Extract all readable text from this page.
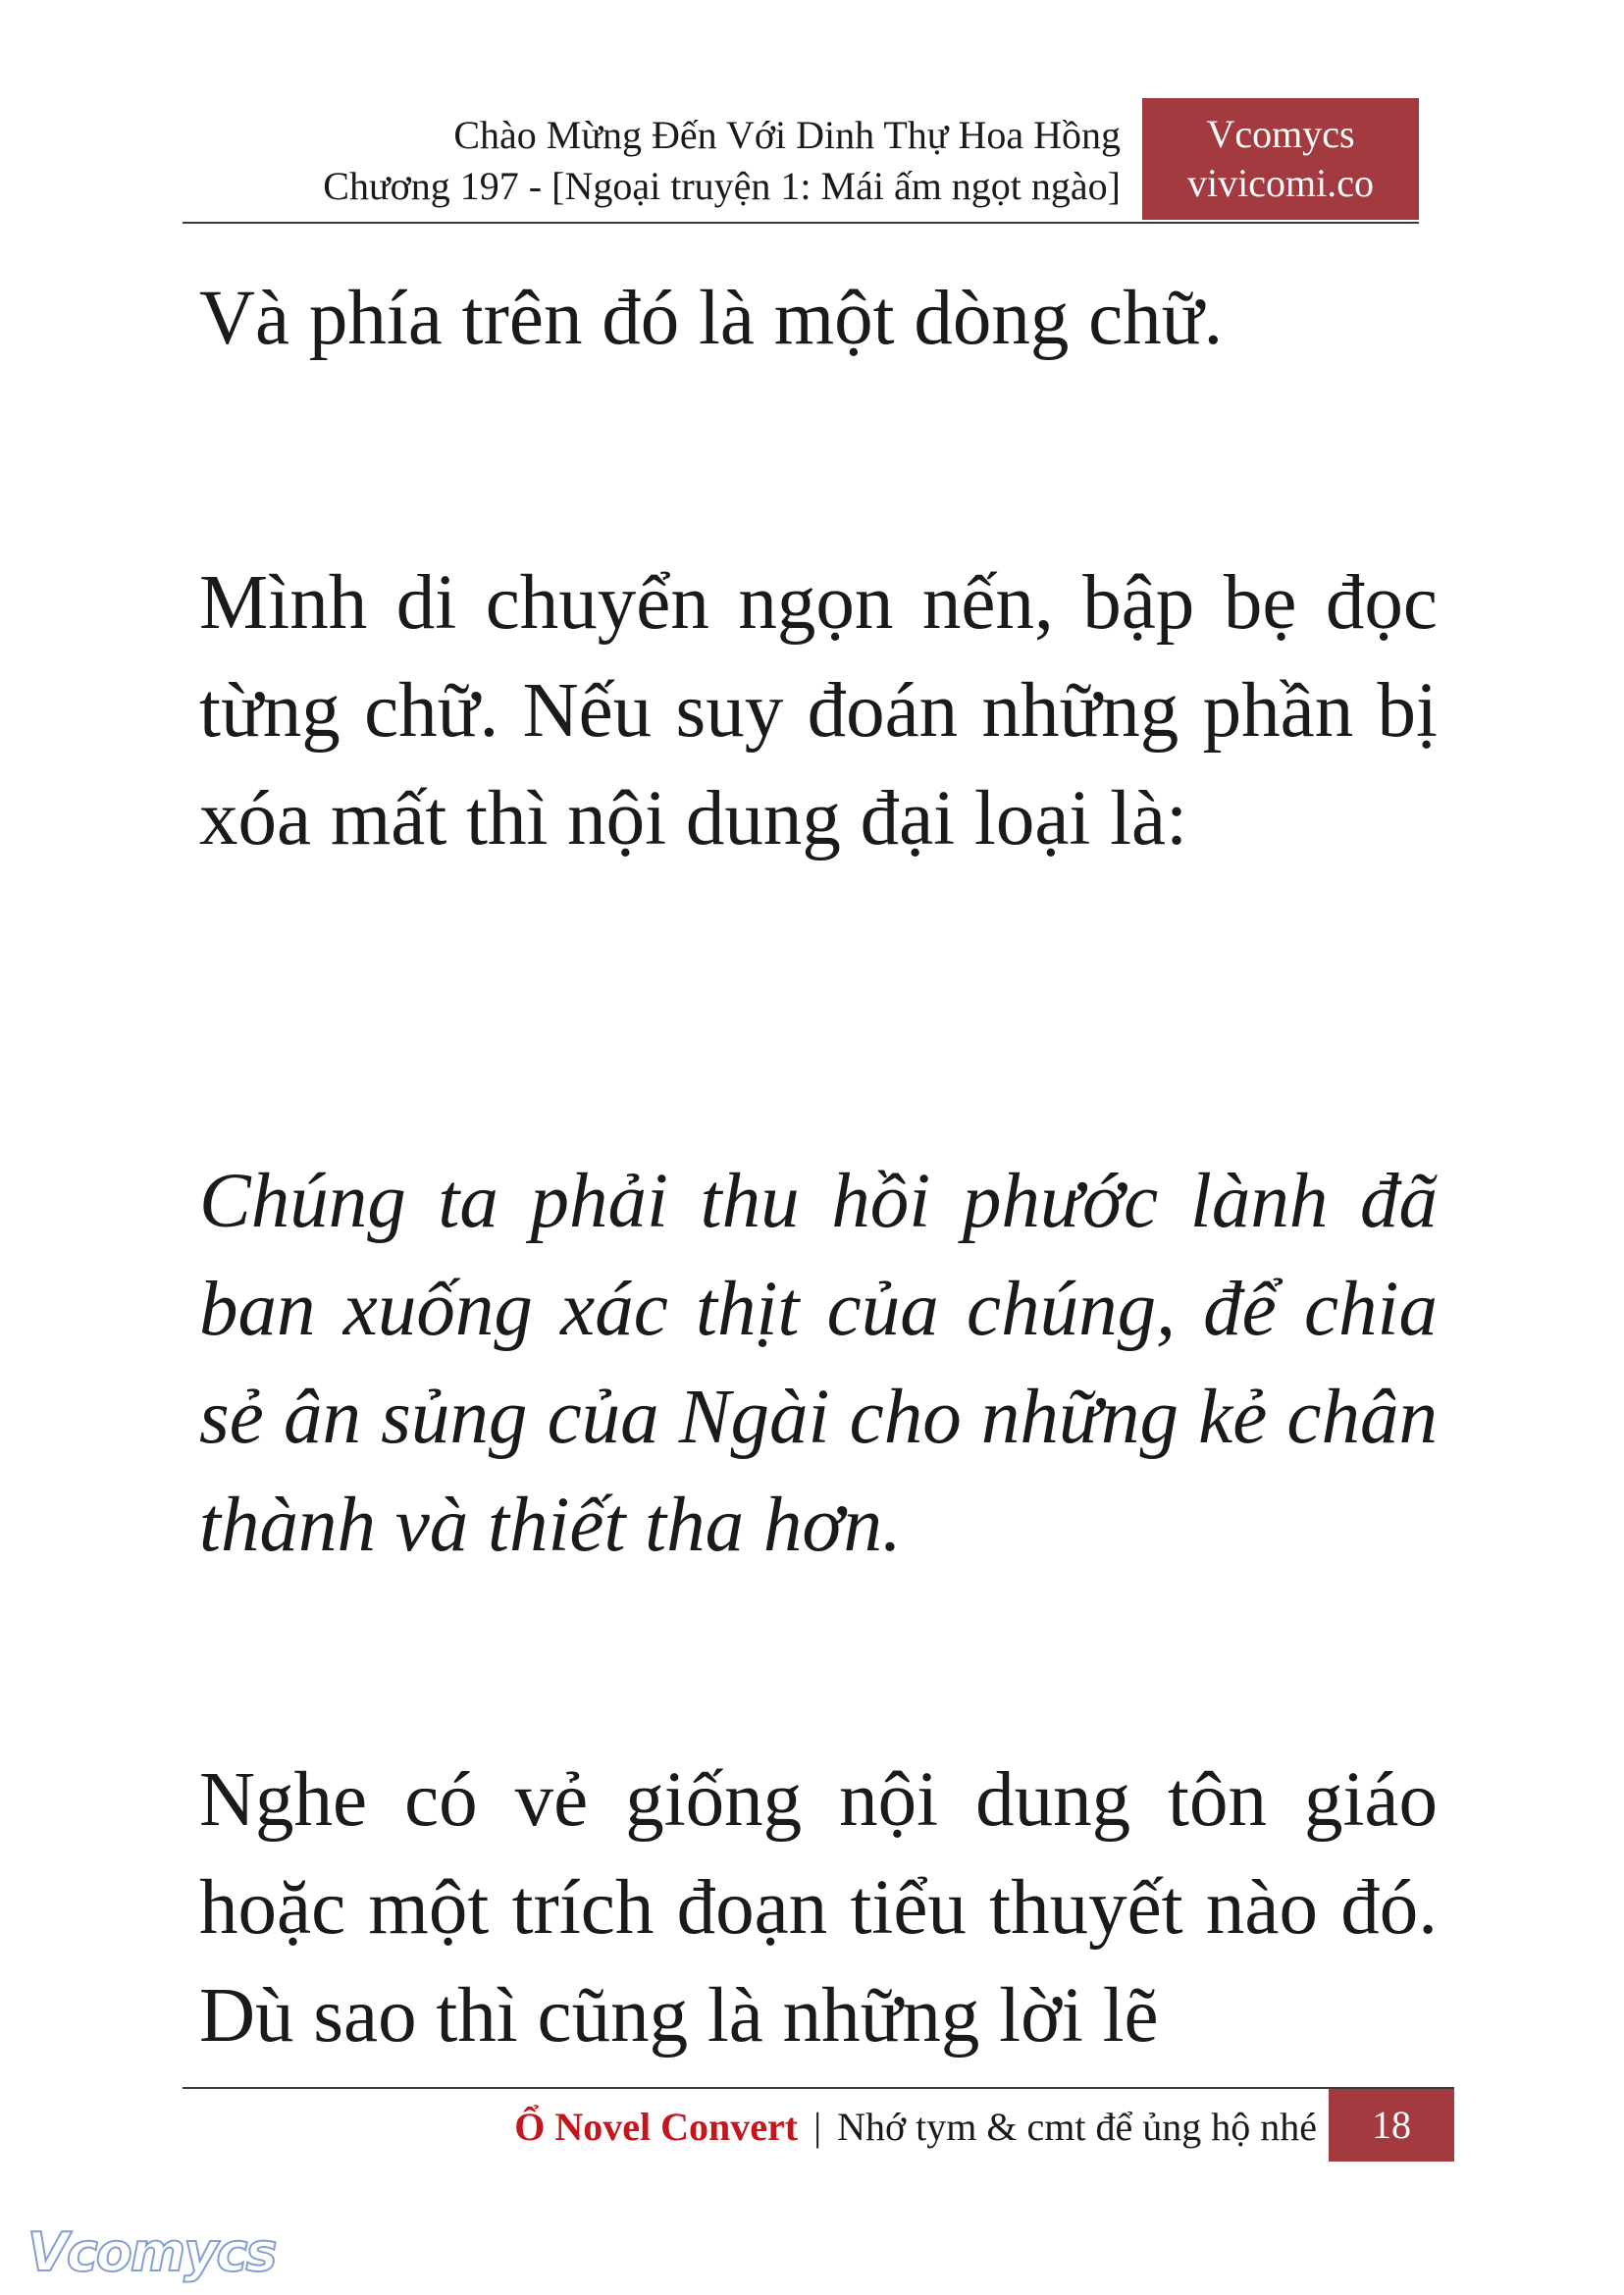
Chào Mừng Đến Với Dinh Thự Hoa Hồng
Chương 197 - [Ngoại truyện 1: Mái ấm ngọt ngào]
Vcomycs
vivicomi.co

Và phía trên đó là một dòng chữ.

Mình di chuyển ngọn nến, bập bẹ đọc từng chữ. Nếu suy đoán những phần bị xóa mất thì nội dung đại loại là:

Chúng ta phải thu hồi phước lành đã ban xuống xác thịt của chúng, để chia sẻ ân sủng của Ngài cho những kẻ chân thành và thiết tha hơn.

Nghe có vẻ giống nội dung tôn giáo hoặc một trích đoạn tiểu thuyết nào đó. Dù sao thì cũng là những lời lẽ

Ổ Novel Convert | Nhớ tym & cmt để ủng hộ nhé	18
Vcomycs
